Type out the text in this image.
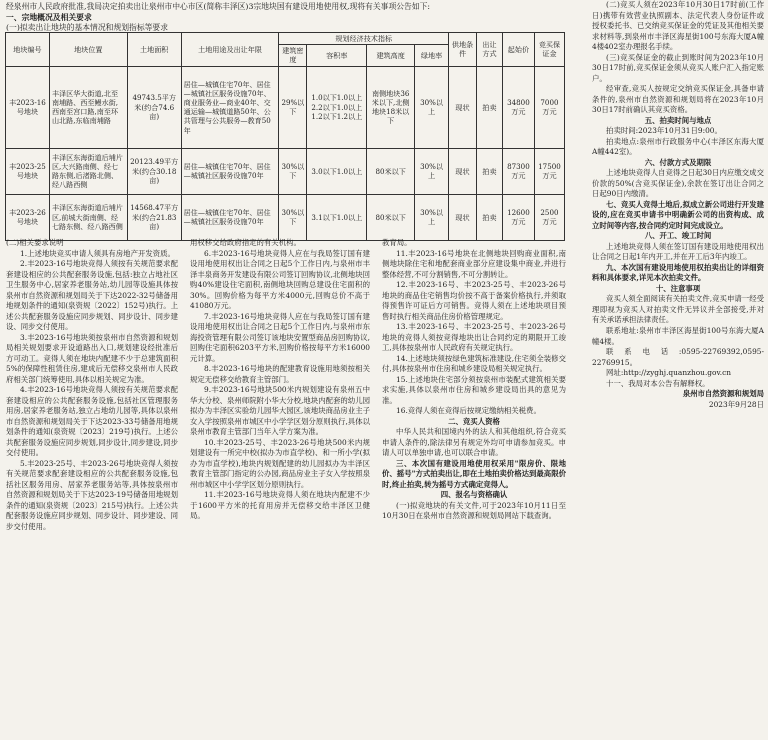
经泉州市人民政府批准,我局决定拍卖出让泉州市中心市区(简称丰泽区)3宗地块国有建设用地使用权,现将有关事项公告如下:
一、宗地概况及相关要求
(一)拟卖出让地块的基本情况和规划指标等要求
地块编号	地块位置	土地面积	土地用途及出让年限	规划经济技术指标				供地条件	出让方式	起始价	竞买保证金
				建筑密度	容积率	建筑高度	绿地率				
丰2023-16号地块	丰泽区华大街道,北至南埔路、西至鳗水街,西南至宫口路,南至环山北路,东临南埔路	49743.5平方米(约合74.6亩)	居住—城镇住宅70年、居住—城镇社区服务设施70年、商业服务业—商业40年、交通运输—城镇道路50年、公共管理与公共服务—教育50年	29%以下	1.0以下1.0以上2.2以下1.0以上1.2以下1.2以上	南侧地块36米以下,北侧地块18米以下	30%以上	现状	拍卖	34800万元	7000万元
丰2023-25号地块	丰泽区东海街道后埔片区,大兴路南侧、经七路东侧,后渚路北侧、经八路西侧	20123.49平方米(约合30.18亩)	居住—城镇住宅70年、居住—城镇社区服务设施70年	30%以下	3.0以下1.0以上	80米以下	30%以上	现状	拍卖	87300万元	17500万元
丰2023-26号地块	丰泽区东海街道后埔片区,前城大街南侧、经七路东侧、经八路西侧	14568.47平方米(约合21.83亩)	居住—城镇住宅70年、居住—城镇社区服务设施70年	30%以下	3.1以下1.0以上	80米以下	30%以上	现状	拍卖	12600万元	2500万元
(二)相关要求说明
1.上述地块竞买申请人须具有房地产开发资质。
2.丰2023-16号地块竞得人须按有关规范要求配套建设相应的公共配套服务设施,包括:独立占地社区卫生服务中心,居家养老服务站,幼儿园等设施具体按泉州市自然资源和规划局关于下达2022-32号储备用地规划条件的通知(泉资规〔2022〕152号)执行。上述公共配套服务设施应同步规划、同步设计、同步建设、同步交付使用。
3.丰2023-16号地块须按泉州市自然资源和规划局相关规划要求开设道路出入口,规划建设经批准后方可动工。竞得人须在地块内配建不少于总建筑面积5%的保障性租赁住房,建成后无偿移交泉州市人民政府相关部门统筹使用,具体以相关规定为准。
4.丰2023-16号地块竞得人须按有关规范要求配套建设相应的公共配套服务设施,包括社区管理服务用房,居家养老服务站,独立占地幼儿园等,具体以泉州市自然资源和规划局关于下达2023-33号储备用地规划条件的通知(泉资规〔2023〕219号)执行。上述公共配套服务设施应同步规划,同步设计,同步建设,同步交付使用。
5.丰2023-25号、丰2023-26号地块竞得人须按有关规范要求配套建设相应的公共配套服务设施,包括社区服务用房、居家养老服务站等,具体按泉州市自然资源和规划局关于下达2023-19号储备用地规划条件的通知(泉资规〔2023〕215号)执行。上述公共配套服务设施应同步规划、同步设计、同步建设、同步交付使用。
用权移交给政府指定的有关机构。
6.丰2023-16号地块竞得人应在与我局签订国有建设用地使用权出让合同之日起5个工作日内,与泉州市丰泽丰泉商务开发建设有限公司签订回购协议,北侧地块回购40%建设住宅面积,南侧地块回购总建设住宅面积的30%。回购价格为每平方米4000元,回购总价不高于41080万元。
7.丰2023-16号地块竞得人应在与我局签订国有建设用地使用权出让合同之日起5个工作日内,与泉州市东海投资管理有限公司签订该地块安置型商品房回购协议,回购住宅面积6203平方米,回购价格按每平方米16000元计算。
8.丰2023-16号地块的配建教育设施用地须按相关规定无偿移交给教育主管部门。
9.丰2023-16号地块500米内规划建设有泉州五中华大分校、泉州师院附小华大分校,地块内配套的幼儿园拟办为丰泽区实验幼儿园华大园区,该地块商品房业主子女入学按照泉州市城区中小学学区划分原则执行,具体以泉州市教育主管部门当年入学方案为准。
10.丰2023-25号、丰2023-26号地块500米内规划建设有一所完中校(拟办为市直学校)、和一所小学(拟办为市直学校),地块内规划配建的幼儿园拟办为丰泽区教育主管部门指定的公办园,商品房业主子女入学按照泉州市城区中小学学区划分原则执行。
11.丰2023-16号地块竞得人须在地块内配建不少于1600平方米的托育用房并无偿移交给丰泽区卫健局。
教育局。
11.丰2023-16号地块在北侧地块回购商业面积,南侧地块除住宅和地配套商业部分应建设集中商业,并进行整体经营,不可分割销售,不可分割转让。
12.丰2023-16号、丰2023-25号、丰2023-26号地块的商品住宅销售均价按不高于备案价格执行,并须取得预售许可证后方可销售。竞得人须在上述地块项目预售时执行相关商品住房价格管理规定。
13.丰2023-16号、丰2023-25号、丰2023-26号地块的竞得人须按竞得地块出让合同约定的期限开工竣工,具体按泉州市人民政府有关规定执行。
14.上述地块须按绿色建筑标准建设,住宅须全装修交付,具体按泉州市住房和城乡建设局相关规定执行。
15.上述地块住宅部分须按泉州市装配式建筑相关要求实施,具体以泉州市住房和城乡建设局出具的意见为准。
16.竞得人须在竞得后按规定缴纳相关税费。
二、竞买人资格
中华人民共和国境内外的法人和其他组织,符合竞买申请人条件的,除法律另有规定外均可申请参加竞买。申请人可以单独申请,也可以联合申请。
三、本次国有建设用地使用权采用"限房价、限地价、摇号"方式拍卖出让,即在土地拍卖价格达到最高限价时,终止拍卖,转为摇号方式确定竞得人。
四、报名与资格确认
(一)拟竞地块的有关文件,可于2023年10月11日至10月30日在泉州市自然资源和规划局网站下载查询。
(二)竞买人须在2023年10月30日17时前(工作日)携带有效营业执照副本、法定代表人身份证件或授权委托书、已交纳竞买保证金的凭证及其他相关要求材料等,到泉州市丰泽区海星街100号东海大厦A幢4楼402室办理报名手续。
(三)竞买保证金的截止到账时间为2023年10月30日17时前,竞买保证金须从竞买人账户汇入指定账户。
经审查,竞买人按规定交纳竞买保证金,具备申请条件的,泉州市自然资源和规划局将在2023年10月30日17时前确认其竞买资格。
五、拍卖时间与地点
拍卖时间:2023年10月31日9:00。
拍卖地点:泉州市行政服务中心(丰泽区东海大厦A幢442室)。
六、付款方式及期限
上述地块竞得人自竞得之日起30日内应缴交成交价款的50%(含竞买保证金),余款在签订出让合同之日起90日内缴清。
七、竞买人竞得土地后,拟成立新公司进行开发建设的,应在竞买申请书中明确新公司的出资构成、成立时间等内容,按合同约定时间完成设立。
八、开工、竣工时间
上述地块竞得人须在签订国有建设用地使用权出让合同之日起1年内开工,并在开工后3年内竣工。
九、本次国有建设用地使用权拍卖出让的详细资料和具体要求,详见本次拍卖文件。
十、注意事项
竞买人须全面阅读有关拍卖文件,竞买申请一经受理即视为竞买人对拍卖文件无异议并全部接受,并对有关承诺承担法律责任。
联系地址:泉州市丰泽区海星街100号东海大厦A幢4楼。
联系电话:0595-22769392,0595-22769915。
网址:http://zyghj.quanzhou.gov.cn
十一、我局对本公告有解释权。
泉州市自然资源和规划局
2023年9月28日
